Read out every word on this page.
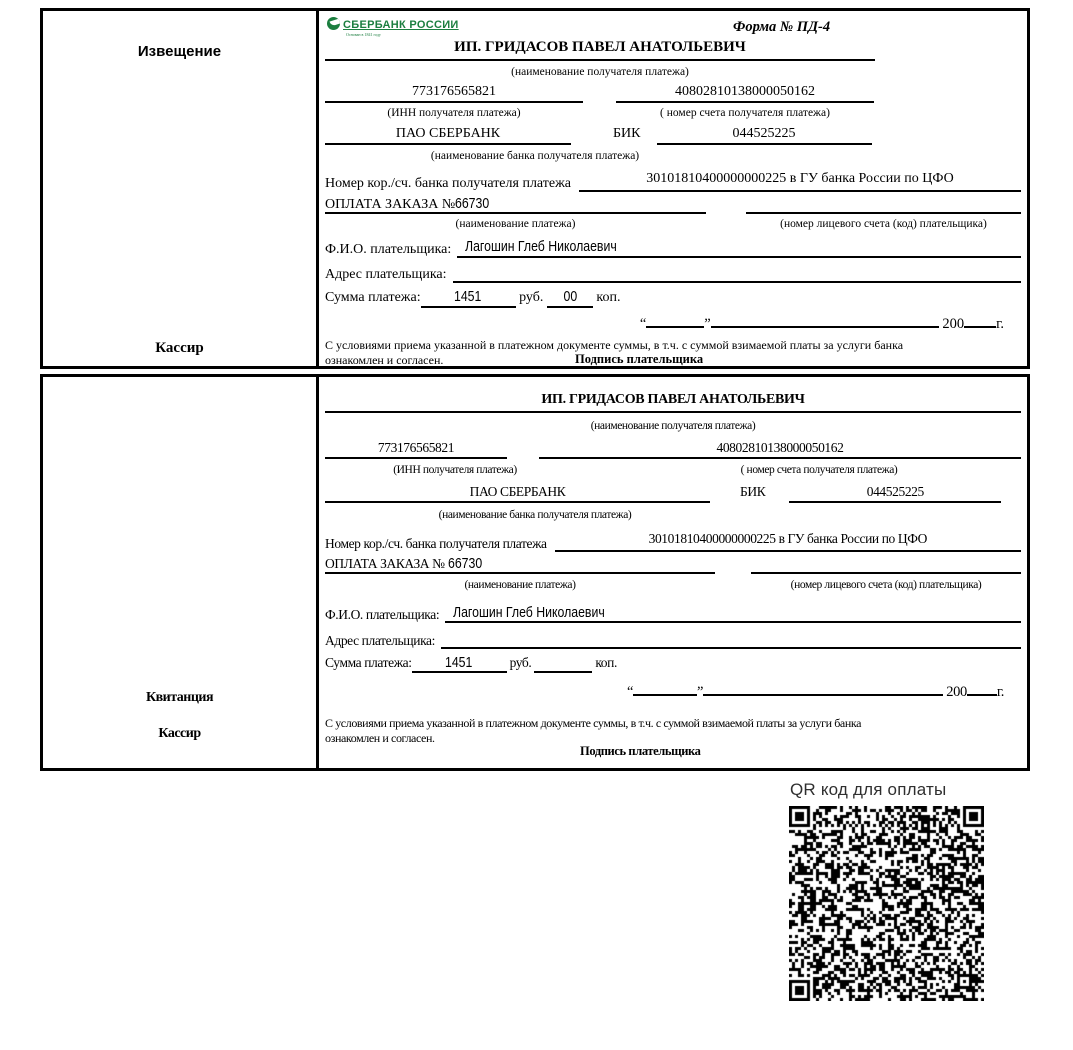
Извещение
Кассир
СБЕРБАНК РОССИИ
Основан в 1841 году	Форма № ПД-4
ИП. ГРИДАСОВ ПАВЕЛ АНАТОЛЬЕВИЧ
(наименование получателя платежа)
773176565821	40802810138000050162
(ИНН получателя платежа)	( номер счета получателя платежа)
ПАО СБЕРБАНК	БИК	044525225
(наименование банка получателя платежа)
Номер кор./сч. банка получателя платежа	30101810400000000225 в ГУ банка России по ЦФО
ОПЛАТА ЗАКАЗА №66730
(наименование платежа)	(номер лицевого счета (код) плательщика)
Ф.И.О. плательщика: Лагошин Глеб Николаевич
Адрес плательщика:
Сумма платежа: 1451	руб. 00 коп.
“	”	200 г.
С условиями приема указанной в платежном документе суммы, в т.ч. с суммой взимаемой платы за услуги банка
ознакомлен и согласен.	Подпись плательщика
Квитанция
Кассир
ИП. ГРИДАСОВ ПАВЕЛ АНАТОЛЬЕВИЧ
(наименование получателя платежа)
773176565821	40802810138000050162
(ИНН получателя платежа)	( номер счета получателя платежа)
ПАО СБЕРБАНК	БИК	044525225
(наименование банка получателя платежа)
Номер кор./сч. банка получателя платежа	30101810400000000225 в ГУ банка России по ЦФО
ОПЛАТА ЗАКАЗА № 66730
(наименование платежа)	(номер лицевого счета (код) плательщика)
Ф.И.О. плательщика: Лагошин Глеб Николаевич
Адрес плательщика:
Сумма платежа: 1451	руб.	коп.
“	”	200 г.
С условиями приема указанной в платежном документе суммы, в т.ч. с суммой взимаемой платы за услуги банка
ознакомлен и согласен.
Подпись плательщика
QR код для оплаты
